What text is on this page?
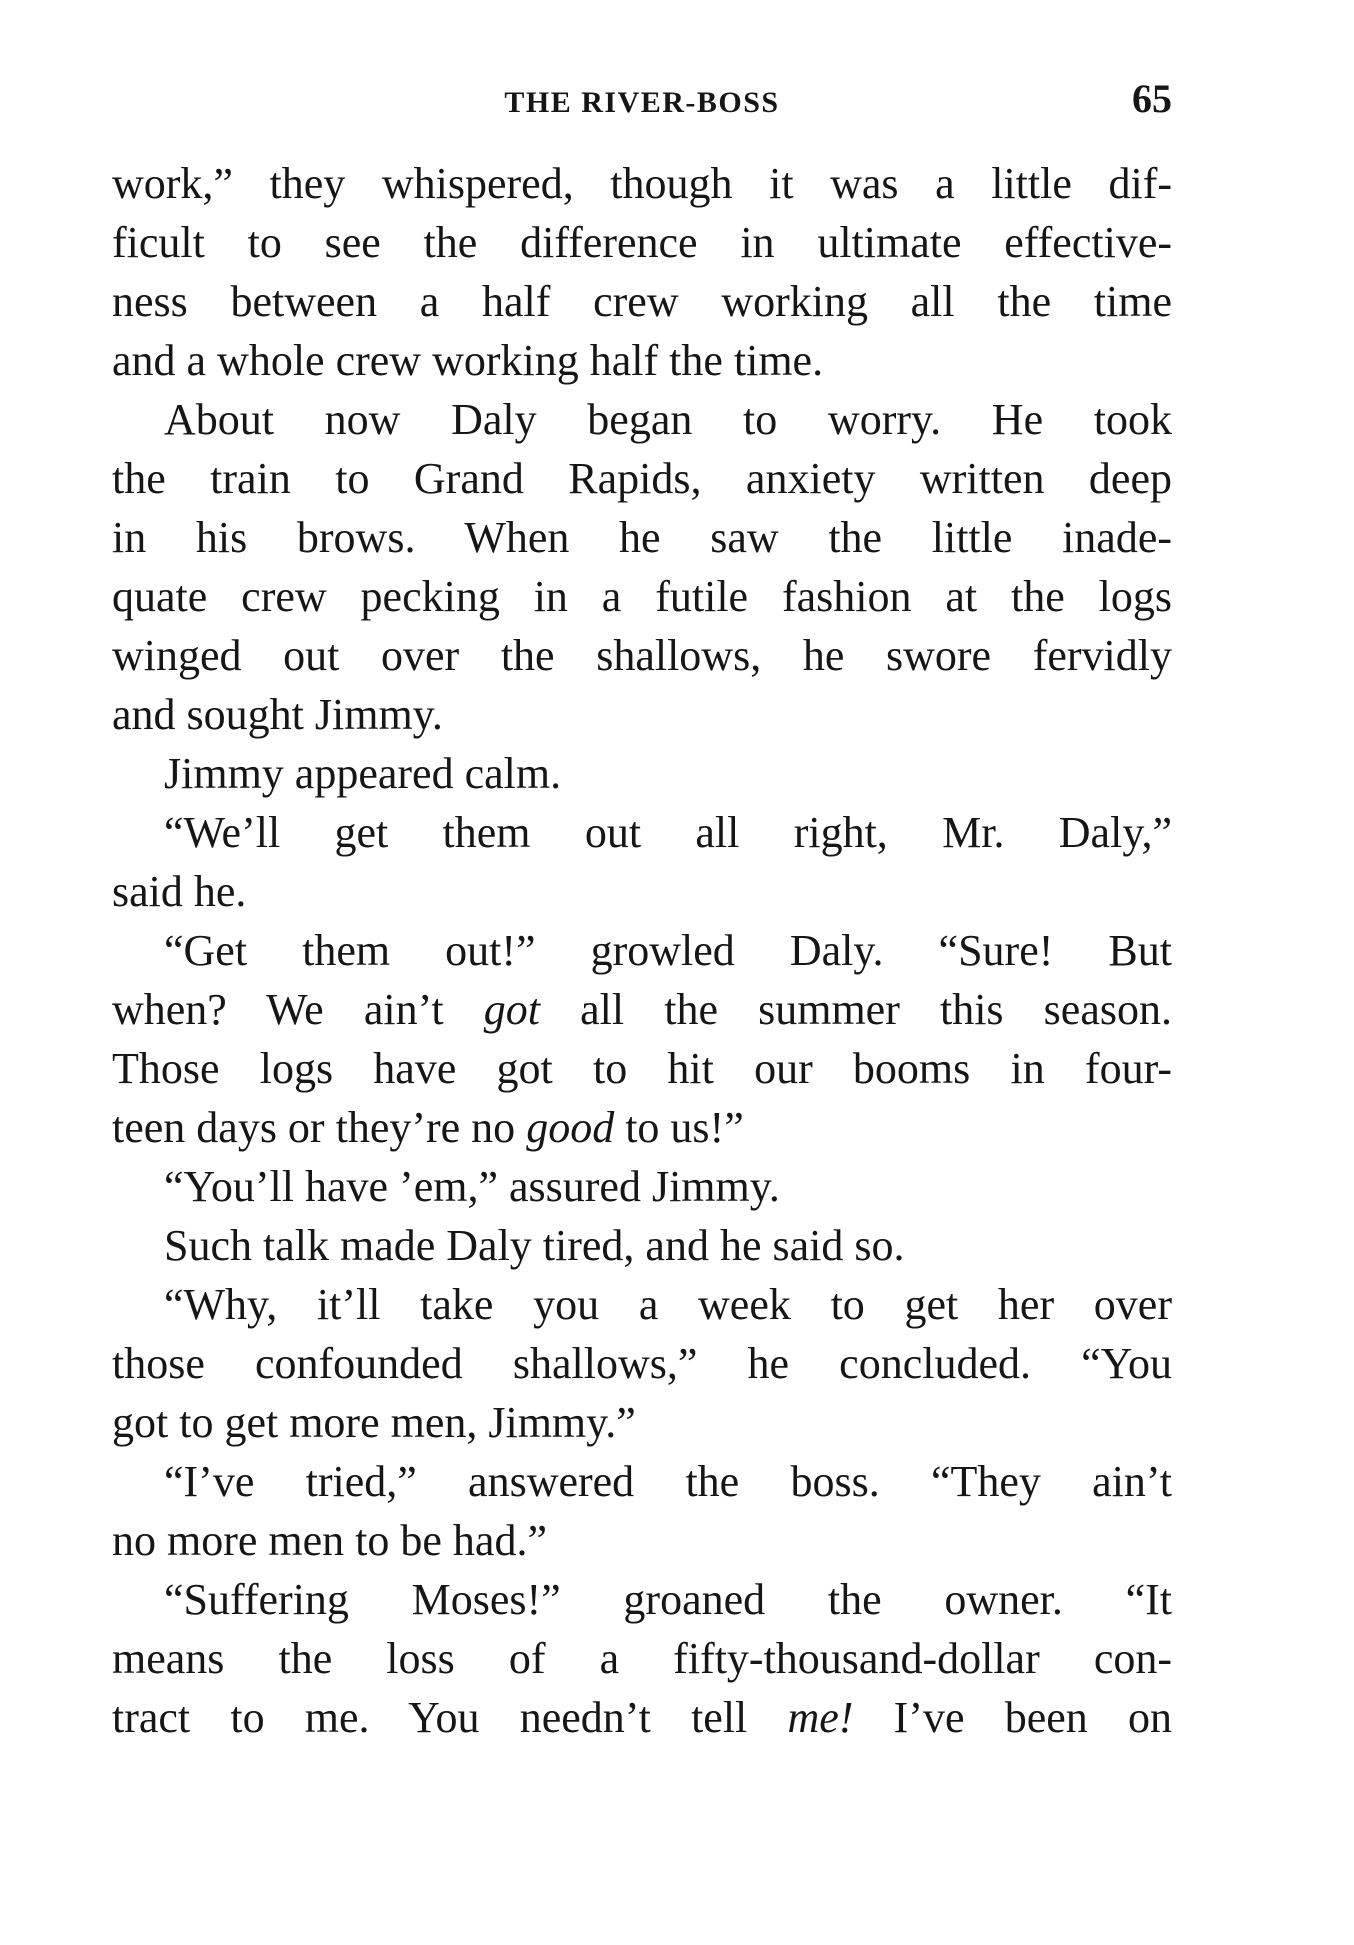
THE RIVER-BOSS	65
work,” they whispered, though it was a little dif-
ficult to see the difference in ultimate effective-
ness between a half crew working all the time
and a whole crew working half the time.
About now Daly began to worry. He took
the train to Grand Rapids, anxiety written deep
in his brows. When he saw the little inade-
quate crew pecking in a futile fashion at the logs
winged out over the shallows, he swore fervidly
and sought Jimmy.
Jimmy appeared calm.
“We’ll get them out all right, Mr. Daly,”
said he.
“Get them out!” growled Daly. “Sure! But
when? We ain’t got all the summer this season.
Those logs have got to hit our booms in four-
teen days or they’re no good to us!”
“You’ll have ’em,” assured Jimmy.
Such talk made Daly tired, and he said so.
“Why, it’ll take you a week to get her over
those confounded shallows,” he concluded. “You
got to get more men, Jimmy.”
“I’ve tried,” answered the boss. “They ain’t
no more men to be had.”
“Suffering Moses!” groaned the owner. “It
means the loss of a fifty-thousand-dollar con-
tract to me. You needn’t tell me! I’ve been on
